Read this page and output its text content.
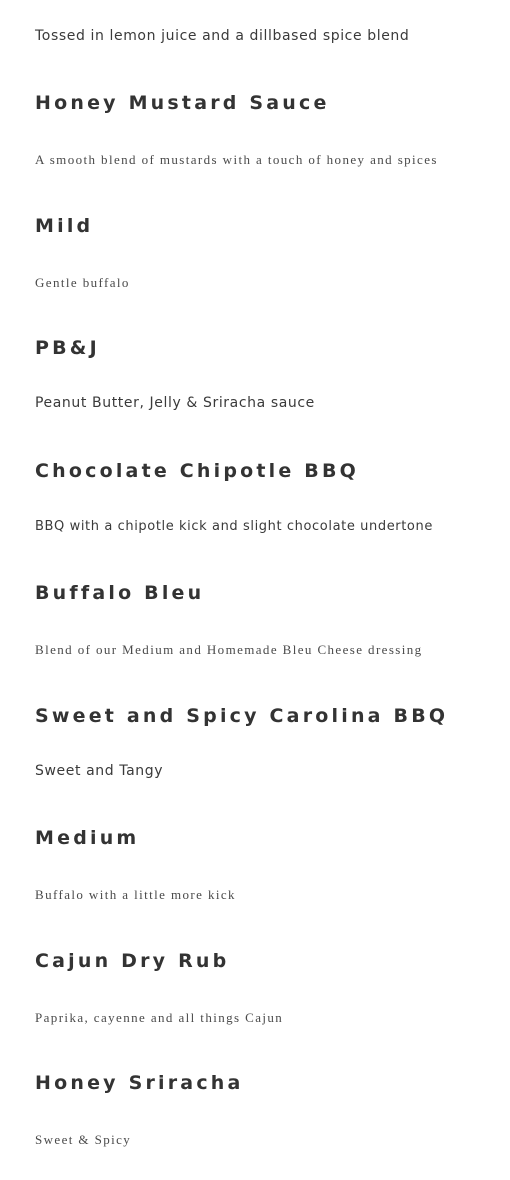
Tossed in lemon juice and a dillbased spice blend

Honey Mustard Sauce

A smooth blend of mustards with a touch of honey and spices

Mild

Gentle buffalo

PB&J

Peanut Butter, Jelly & Sriracha sauce

Chocolate Chipotle BBQ

BBQ with a chipotle kick and slight chocolate undertone

Buffalo Bleu

Blend of our Medium and Homemade Bleu Cheese dressing

Sweet and Spicy Carolina BBQ

Sweet and Tangy

Medium

Buffalo with a little more kick

Cajun Dry Rub

Paprika, cayenne and all things Cajun

Honey Sriracha

Sweet & Spicy
